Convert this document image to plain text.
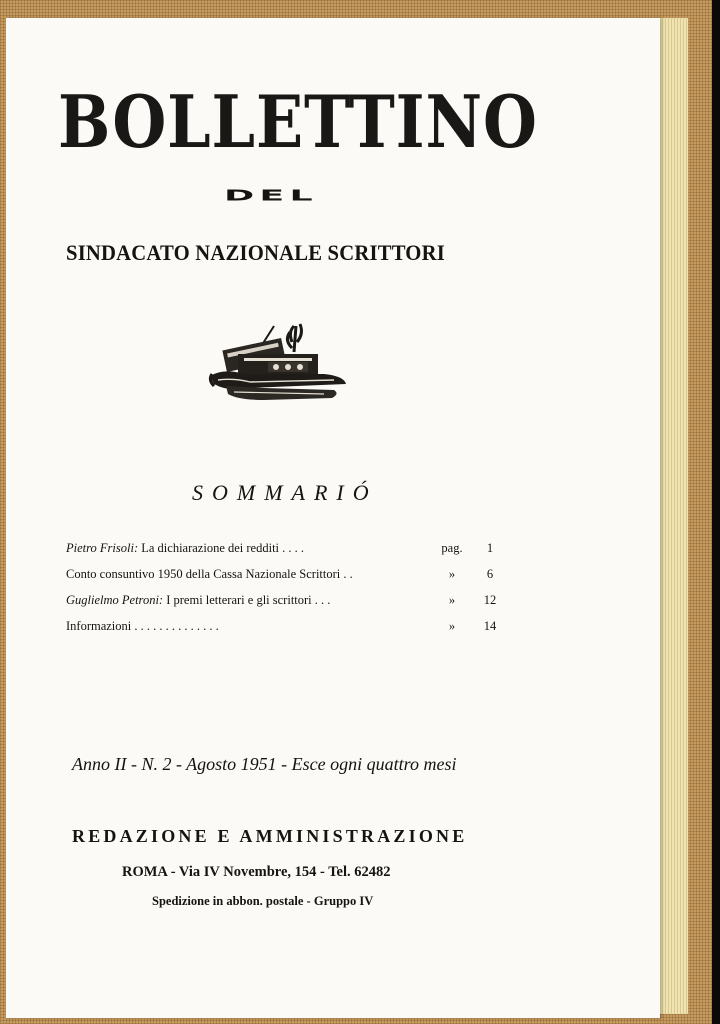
BOLLETTINO
DEL
SINDACATO NAZIONALE SCRITTORI
SOMMARIÓ
Pietro Frisoli: La dichiarazione dei redditi . . . .	pag.	1
Conto consuntivo 1950 della Cassa Nazionale Scrittori . .	»	6
Guglielmo Petroni: I premi letterari e gli scrittori . . .	»	12
Informazioni . . . . . . . . . . . . . .	»	14
Anno II - N. 2 - Agosto 1951 - Esce ogni quattro mesi
REDAZIONE E AMMINISTRAZIONE
ROMA - Via IV Novembre, 154 - Tel. 62482
Spedizione in abbon. postale - Gruppo IV
